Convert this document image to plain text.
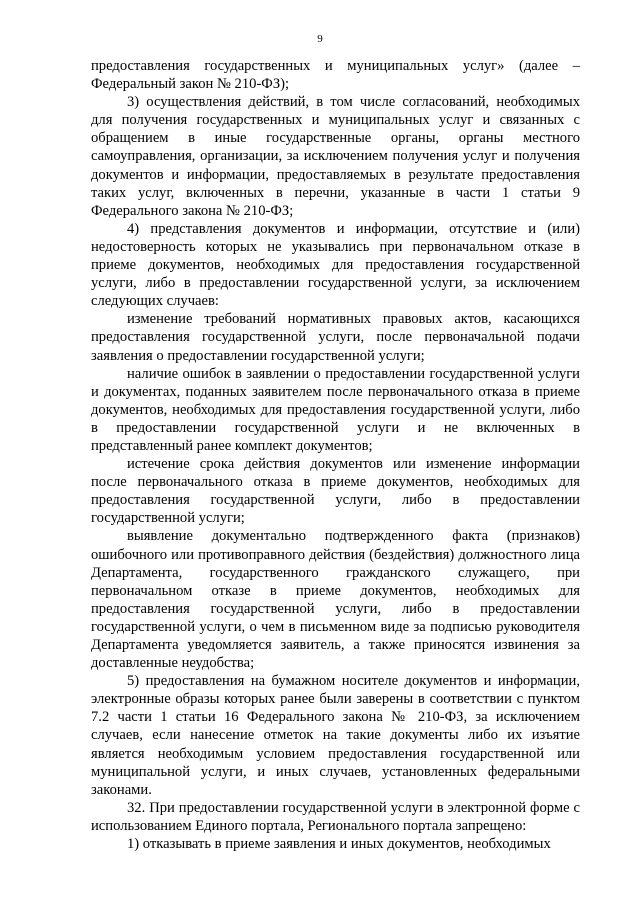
9

предоставления государственных и муниципальных услуг» (далее – Федеральный закон № 210-ФЗ);

3) осуществления действий, в том числе согласований, необходимых для получения государственных и муниципальных услуг и связанных с обращением в иные государственные органы, органы местного самоуправления, организации, за исключением получения услуг и получения документов и информации, предоставляемых в результате предоставления таких услуг, включенных в перечни, указанные в части 1 статьи 9 Федерального закона № 210-ФЗ;

4) представления документов и информации, отсутствие и (или) недостоверность которых не указывались при первоначальном отказе в приеме документов, необходимых для предоставления государственной услуги, либо в предоставлении государственной услуги, за исключением следующих случаев:

изменение требований нормативных правовых актов, касающихся предоставления государственной услуги, после первоначальной подачи заявления о предоставлении государственной услуги;

наличие ошибок в заявлении о предоставлении государственной услуги и документах, поданных заявителем после первоначального отказа в приеме документов, необходимых для предоставления государственной услуги, либо в предоставлении государственной услуги и не включенных в представленный ранее комплект документов;

истечение срока действия документов или изменение информации после первоначального отказа в приеме документов, необходимых для предоставления государственной услуги, либо в предоставлении государственной услуги;

выявление документально подтвержденного факта (признаков) ошибочного или противоправного действия (бездействия) должностного лица Департамента, государственного гражданского служащего, при первоначальном отказе в приеме документов, необходимых для предоставления государственной услуги, либо в предоставлении государственной услуги, о чем в письменном виде за подписью руководителя Департамента уведомляется заявитель, а также приносятся извинения за доставленные неудобства;

5) предоставления на бумажном носителе документов и информации, электронные образы которых ранее были заверены в соответствии с пунктом 7.2 части 1 статьи 16 Федерального закона № 210-ФЗ, за исключением случаев, если нанесение отметок на такие документы либо их изъятие является необходимым условием предоставления государственной или муниципальной услуги, и иных случаев, установленных федеральными законами.

32. При предоставлении государственной услуги в электронной форме с использованием Единого портала, Регионального портала запрещено:

1) отказывать в приеме заявления и иных документов, необходимых
